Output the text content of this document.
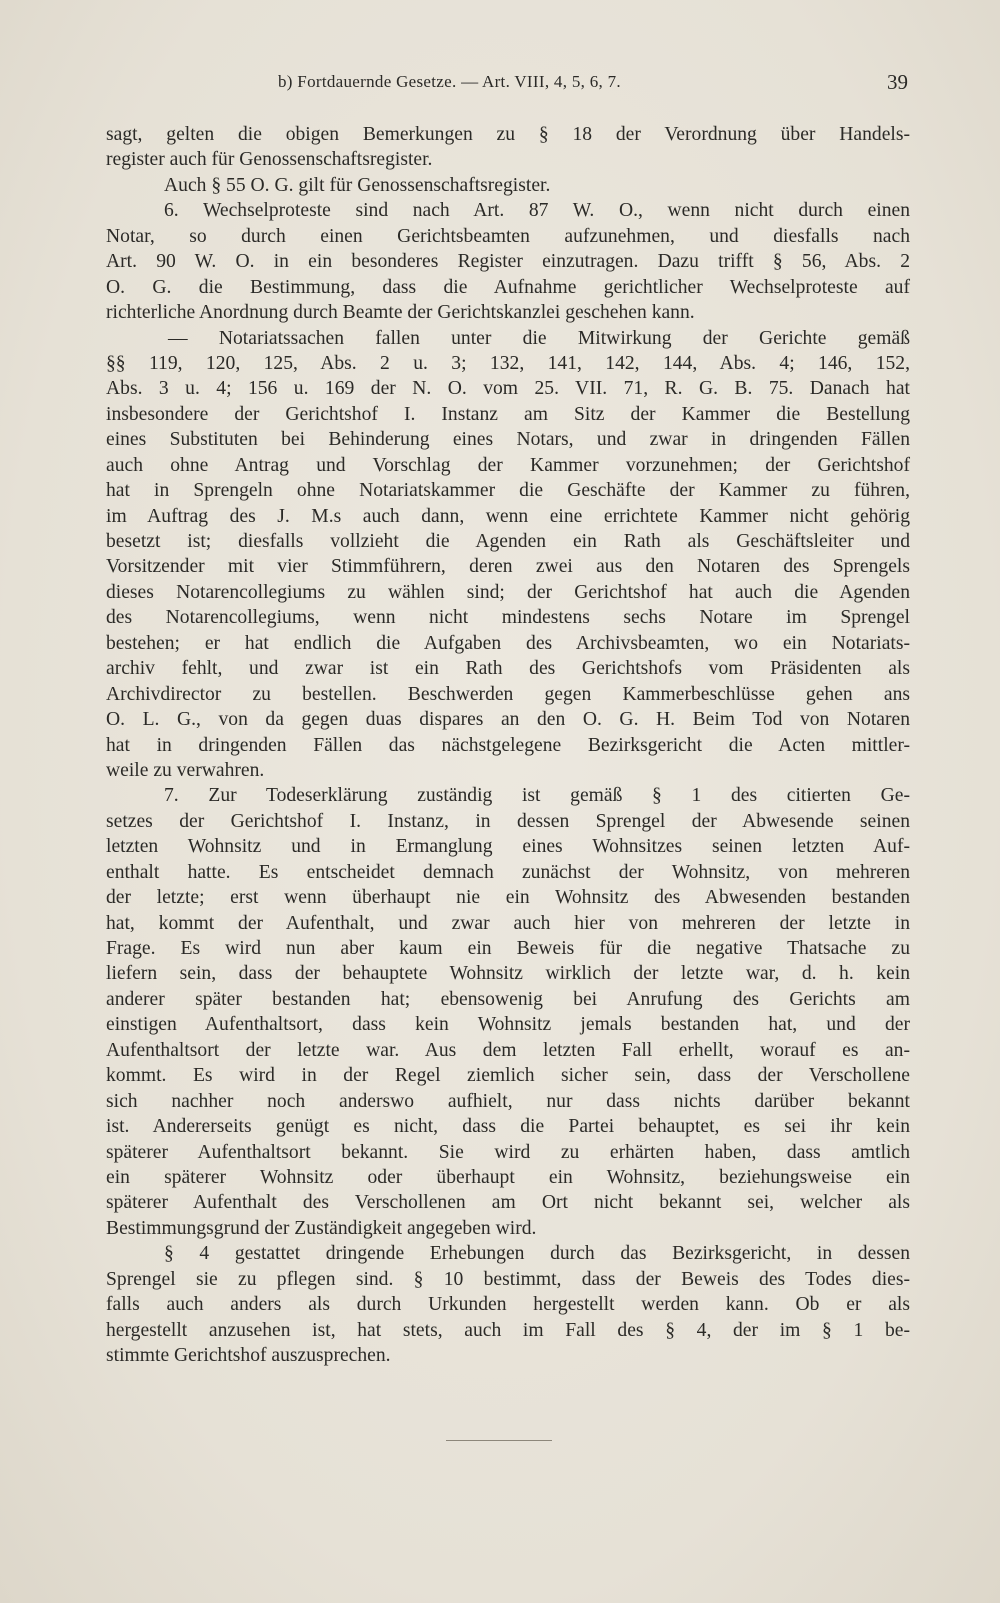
b) Fortdauernde Gesetze. — Art. VIII, 4, 5, 6, 7.	39
sagt, gelten die obigen Bemerkungen zu § 18 der Verordnung über Handels-
register auch für Genossenschaftsregister.
Auch § 55 O. G. gilt für Genossenschaftsregister.
6. Wechselproteste sind nach Art. 87 W. O., wenn nicht durch einen
Notar, so durch einen Gerichtsbeamten aufzunehmen, und diesfalls nach
Art. 90 W. O. in ein besonderes Register einzutragen. Dazu trifft § 56, Abs. 2
O. G. die Bestimmung, dass die Aufnahme gerichtlicher Wechselproteste auf
richterliche Anordnung durch Beamte der Gerichtskanzlei geschehen kann.
— Notariatssachen fallen unter die Mitwirkung der Gerichte gemäß
§§ 119, 120, 125, Abs. 2 u. 3; 132, 141, 142, 144, Abs. 4; 146, 152,
Abs. 3 u. 4; 156 u. 169 der N. O. vom 25. VII. 71, R. G. B. 75. Danach hat
insbesondere der Gerichtshof I. Instanz am Sitz der Kammer die Bestellung
eines Substituten bei Behinderung eines Notars, und zwar in dringenden Fällen
auch ohne Antrag und Vorschlag der Kammer vorzunehmen; der Gerichtshof
hat in Sprengeln ohne Notariatskammer die Geschäfte der Kammer zu führen,
im Auftrag des J. M.s auch dann, wenn eine errichtete Kammer nicht gehörig
besetzt ist; diesfalls vollzieht die Agenden ein Rath als Geschäftsleiter und
Vorsitzender mit vier Stimmführern, deren zwei aus den Notaren des Sprengels
dieses Notarencollegiums zu wählen sind; der Gerichtshof hat auch die Agenden
des Notarencollegiums, wenn nicht mindestens sechs Notare im Sprengel
bestehen; er hat endlich die Aufgaben des Archivsbeamten, wo ein Notariats-
archiv fehlt, und zwar ist ein Rath des Gerichtshofs vom Präsidenten als
Archivdirector zu bestellen. Beschwerden gegen Kammerbeschlüsse gehen ans
O. L. G., von da gegen duas dispares an den O. G. H. Beim Tod von Notaren
hat in dringenden Fällen das nächstgelegene Bezirksgericht die Acten mittler-
weile zu verwahren.
7. Zur Todeserklärung zuständig ist gemäß § 1 des citierten Ge-
setzes der Gerichtshof I. Instanz, in dessen Sprengel der Abwesende seinen
letzten Wohnsitz und in Ermanglung eines Wohnsitzes seinen letzten Auf-
enthalt hatte. Es entscheidet demnach zunächst der Wohnsitz, von mehreren
der letzte; erst wenn überhaupt nie ein Wohnsitz des Abwesenden bestanden
hat, kommt der Aufenthalt, und zwar auch hier von mehreren der letzte in
Frage. Es wird nun aber kaum ein Beweis für die negative Thatsache zu
liefern sein, dass der behauptete Wohnsitz wirklich der letzte war, d. h. kein
anderer später bestanden hat; ebensowenig bei Anrufung des Gerichts am
einstigen Aufenthaltsort, dass kein Wohnsitz jemals bestanden hat, und der
Aufenthaltsort der letzte war. Aus dem letzten Fall erhellt, worauf es an-
kommt. Es wird in der Regel ziemlich sicher sein, dass der Verschollene
sich nachher noch anderswo aufhielt, nur dass nichts darüber bekannt
ist. Andererseits genügt es nicht, dass die Partei behauptet, es sei ihr kein
späterer Aufenthaltsort bekannt. Sie wird zu erhärten haben, dass amtlich
ein späterer Wohnsitz oder überhaupt ein Wohnsitz, beziehungsweise ein
späterer Aufenthalt des Verschollenen am Ort nicht bekannt sei, welcher als
Bestimmungsgrund der Zuständigkeit angegeben wird.
§ 4 gestattet dringende Erhebungen durch das Bezirksgericht, in dessen
Sprengel sie zu pflegen sind. § 10 bestimmt, dass der Beweis des Todes dies-
falls auch anders als durch Urkunden hergestellt werden kann. Ob er als
hergestellt anzusehen ist, hat stets, auch im Fall des § 4, der im § 1 be-
stimmte Gerichtshof auszusprechen.
